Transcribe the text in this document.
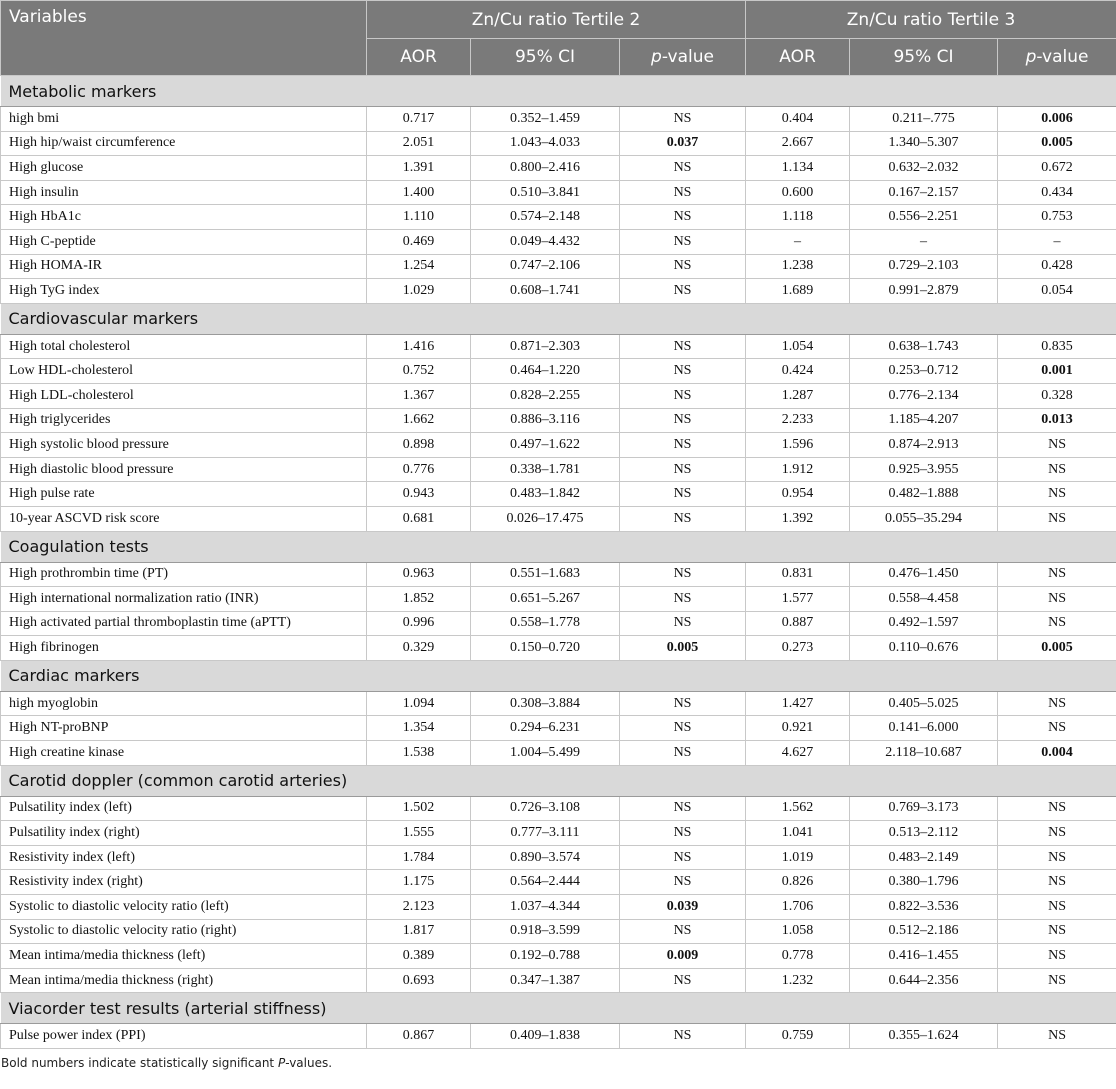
Variables	Zn/Cu ratio Tertile 2			Zn/Cu ratio Tertile 3		
	AOR	95% CI	p-value	AOR	95% CI	p-value
Metabolic markers						
high bmi	0.717	0.352–1.459	NS	0.404	0.211–.775	0.006
High hip/waist circumference	2.051	1.043–4.033	0.037	2.667	1.340–5.307	0.005
High glucose	1.391	0.800–2.416	NS	1.134	0.632–2.032	0.672
High insulin	1.400	0.510–3.841	NS	0.600	0.167–2.157	0.434
High HbA1c	1.110	0.574–2.148	NS	1.118	0.556–2.251	0.753
High C-peptide	0.469	0.049–4.432	NS	–	–	–
High HOMA-IR	1.254	0.747–2.106	NS	1.238	0.729–2.103	0.428
High TyG index	1.029	0.608–1.741	NS	1.689	0.991–2.879	0.054
Cardiovascular markers						
High total cholesterol	1.416	0.871–2.303	NS	1.054	0.638–1.743	0.835
Low HDL-cholesterol	0.752	0.464–1.220	NS	0.424	0.253–0.712	0.001
High LDL-cholesterol	1.367	0.828–2.255	NS	1.287	0.776–2.134	0.328
High triglycerides	1.662	0.886–3.116	NS	2.233	1.185–4.207	0.013
High systolic blood pressure	0.898	0.497–1.622	NS	1.596	0.874–2.913	NS
High diastolic blood pressure	0.776	0.338–1.781	NS	1.912	0.925–3.955	NS
High pulse rate	0.943	0.483–1.842	NS	0.954	0.482–1.888	NS
10-year ASCVD risk score	0.681	0.026–17.475	NS	1.392	0.055–35.294	NS
Coagulation tests						
High prothrombin time (PT)	0.963	0.551–1.683	NS	0.831	0.476–1.450	NS
High international normalization ratio (INR)	1.852	0.651–5.267	NS	1.577	0.558–4.458	NS
High activated partial thromboplastin time (aPTT)	0.996	0.558–1.778	NS	0.887	0.492–1.597	NS
High fibrinogen	0.329	0.150–0.720	0.005	0.273	0.110–0.676	0.005
Cardiac markers						
high myoglobin	1.094	0.308–3.884	NS	1.427	0.405–5.025	NS
High NT-proBNP	1.354	0.294–6.231	NS	0.921	0.141–6.000	NS
High creatine kinase	1.538	1.004–5.499	NS	4.627	2.118–10.687	0.004
Carotid doppler (common carotid arteries)						
Pulsatility index (left)	1.502	0.726–3.108	NS	1.562	0.769–3.173	NS
Pulsatility index (right)	1.555	0.777–3.111	NS	1.041	0.513–2.112	NS
Resistivity index (left)	1.784	0.890–3.574	NS	1.019	0.483–2.149	NS
Resistivity index (right)	1.175	0.564–2.444	NS	0.826	0.380–1.796	NS
Systolic to diastolic velocity ratio (left)	2.123	1.037–4.344	0.039	1.706	0.822–3.536	NS
Systolic to diastolic velocity ratio (right)	1.817	0.918–3.599	NS	1.058	0.512–2.186	NS
Mean intima/media thickness (left)	0.389	0.192–0.788	0.009	0.778	0.416–1.455	NS
Mean intima/media thickness (right)	0.693	0.347–1.387	NS	1.232	0.644–2.356	NS
Viacorder test results (arterial stiffness)						
Pulse power index (PPI)	0.867	0.409–1.838	NS	0.759	0.355–1.624	NS
Bold numbers indicate statistically significant P-values.
